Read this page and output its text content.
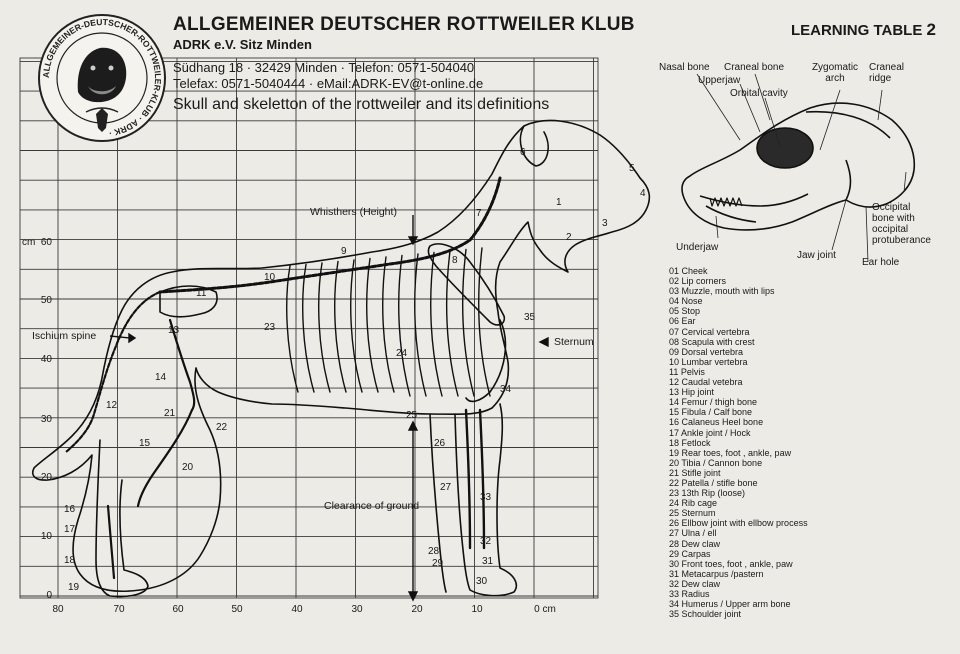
ALLGEMEINER-DEUTSCHER-ROTTWEILER-KLUB · ADRK ·
ALLGEMEINER DEUTSCHER ROTTWEILER KLUB
ADRK e.V. Sitz Minden
Südhang 18 · 32429 Minden · Telefon: 0571-504040
Telefax: 0571-5040444 · eMail:ADRK-EV@t-online.de
Skull and skeletton of the rottweiler and its definitions
LEARNING TABLE 2
60
50
40
30
20
10
0
80	70	60	50	40	30	20	10	0 cm
cm
Whisthers (Height)
Ischium spine	Sternum
Clearance of ground
Nasal bone Craneal bone	Zygomatic arch
Craneal ridge
Upperjaw
Orbital cavity
Occipital bone with occipital protuberance
Underjaw
Jaw joint
Ear hole
1
2
3
4
5
6
7
8
9
10
11
12
13
14
15
16
17
18
19
20
21
22
23
24
25
26
27
28
29
30
31
32
33
34
35
01 Cheek
02 Lip corners
03 Muzzle, mouth with lips
04 Nose
05 Stop
06 Ear
07 Cervical vertebra
08 Scapula with crest
09 Dorsal vertebra
10 Lumbar vertebra
11 Pelvis
12 Caudal vetebra
13 Hip joint
14 Femur / thigh bone
15 Fibula / Calf bone
16 Calaneus Heel bone
17 Ankle joint / Hock
18 Fetlock
19 Rear toes, foot , ankle, paw
20 Tibia / Cannon bone
21 Stifle joint
22 Patella / stifle bone
23 13th Rip (loose)
24 Rib cage
25 Sternum
26 Ellbow joint with ellbow process
27 Ulna / ell
28 Dew claw
29 Carpas
30 Front toes, foot , ankle, paw
31 Metacarpus /pastern
32 Dew claw
33 Radius
34 Humerus / Upper arm bone
35 Schoulder joint
